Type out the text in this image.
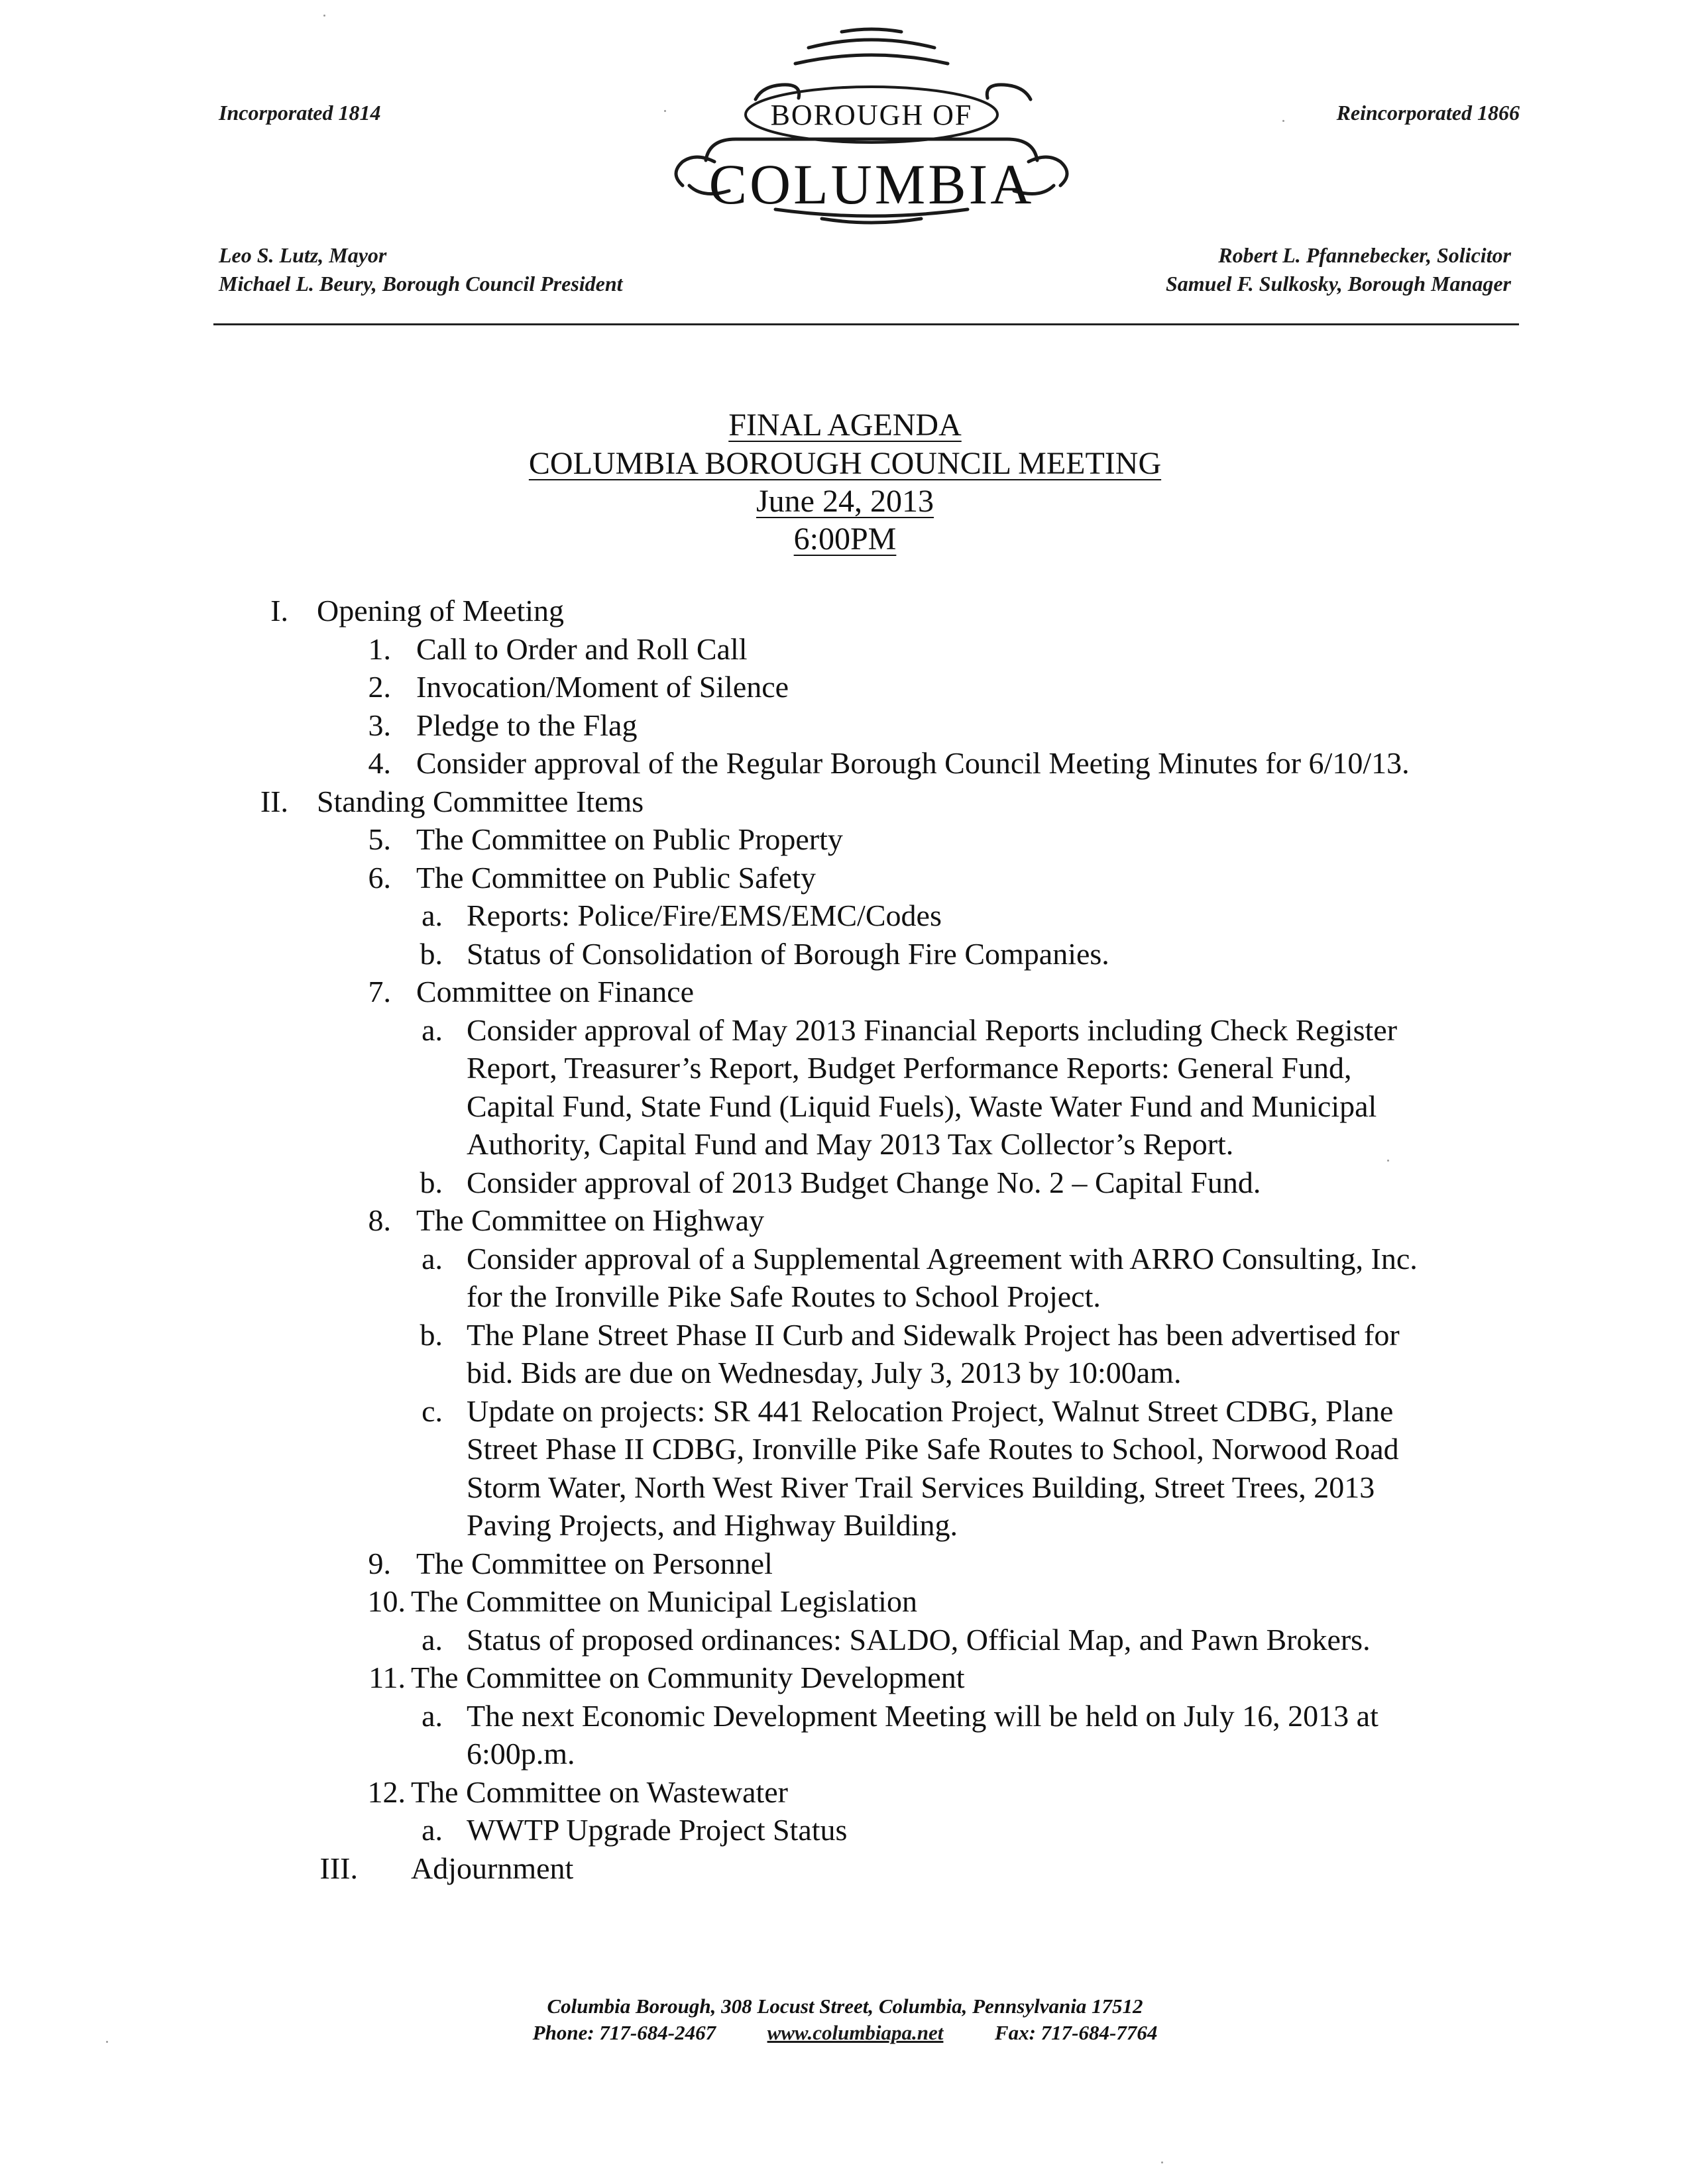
Incorporated 1814	Reincorporated 1866
BOROUGH OF
COLUMBIA
Leo S. Lutz, Mayor
Michael L. Beury, Borough Council President
Robert L. Pfannebecker, Solicitor
Samuel F. Sulkosky, Borough Manager
FINAL AGENDA
COLUMBIA BOROUGH COUNCIL MEETING
June 24, 2013
6:00PM
I. Opening of Meeting
1. Call to Order and Roll Call
2. Invocation/Moment of Silence
3. Pledge to the Flag
4. Consider approval of the Regular Borough Council Meeting Minutes for 6/10/13.
II. Standing Committee Items
5. The Committee on Public Property
6. The Committee on Public Safety
a. Reports: Police/Fire/EMS/EMC/Codes
b. Status of Consolidation of Borough Fire Companies.
7. Committee on Finance
a. Consider approval of May 2013 Financial Reports including Check Register
Report, Treasurer’s Report, Budget Performance Reports: General Fund,
Capital Fund, State Fund (Liquid Fuels), Waste Water Fund and Municipal
Authority, Capital Fund and May 2013 Tax Collector’s Report.
b. Consider approval of 2013 Budget Change No. 2 – Capital Fund.
8. The Committee on Highway
a. Consider approval of a Supplemental Agreement with ARRO Consulting, Inc.
for the Ironville Pike Safe Routes to School Project.
b. The Plane Street Phase II Curb and Sidewalk Project has been advertised for
bid. Bids are due on Wednesday, July 3, 2013 by 10:00am.
c. Update on projects: SR 441 Relocation Project, Walnut Street CDBG, Plane
Street Phase II CDBG, Ironville Pike Safe Routes to School, Norwood Road
Storm Water, North West River Trail Services Building, Street Trees, 2013
Paving Projects, and Highway Building.
9. The Committee on Personnel
10. The Committee on Municipal Legislation
a. Status of proposed ordinances: SALDO, Official Map, and Pawn Brokers.
11. The Committee on Community Development
a. The next Economic Development Meeting will be held on July 16, 2013 at
6:00p.m.
12. The Committee on Wastewater
a. WWTP Upgrade Project Status
III. Adjournment
Columbia Borough, 308 Locust Street, Columbia, Pennsylvania 17512
Phone: 717-684-2467	www.columbiapa.net	Fax: 717-684-7764
